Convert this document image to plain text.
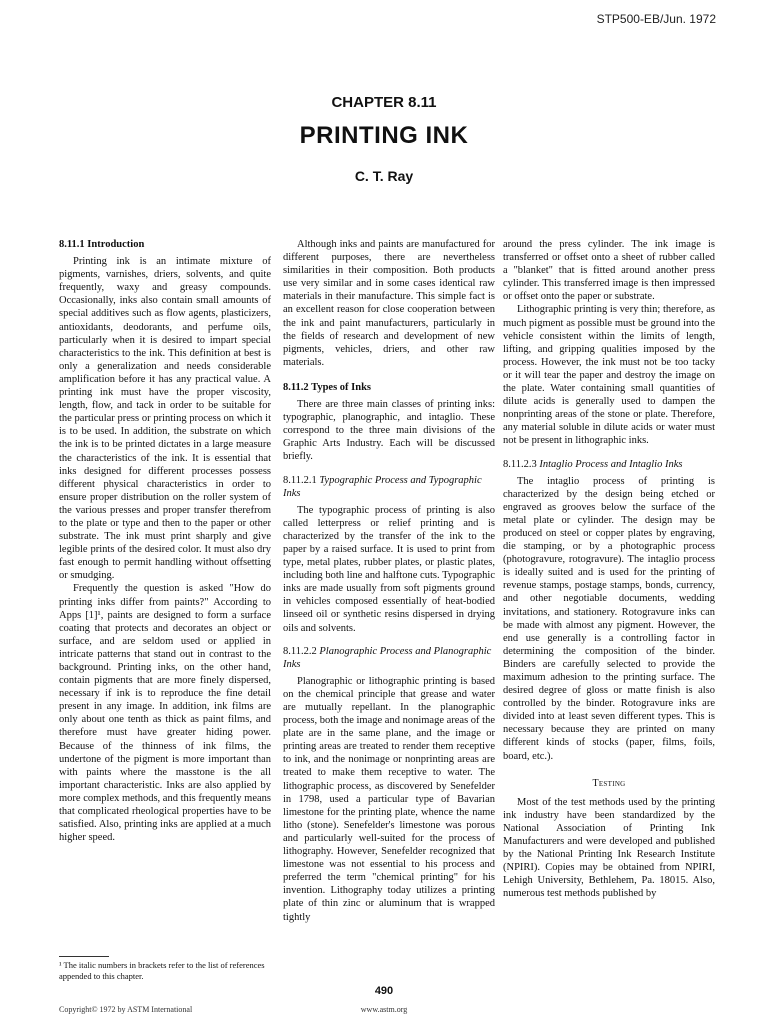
STP500-EB/Jun. 1972
CHAPTER 8.11
PRINTING INK
C. T. Ray
8.11.1 Introduction

Printing ink is an intimate mixture of pigments, varnishes, driers, solvents, and quite frequently, waxy and greasy compounds. Occasionally, inks also contain small amounts of special additives such as flow agents, plasticizers, antioxidants, deodorants, and perfume oils, particularly when it is desired to impart special characteristics to the ink. This definition at best is only a generalization and needs considerable amplification before it has any practical value. A printing ink must have the proper viscosity, length, flow, and tack in order to be suitable for the particular press or printing process on which it is to be used. In addition, the substrate on which the ink is to be printed dictates in a large measure the characteristics of the ink. It is essential that inks designed for different processes possess different physical characteristics in order to ensure proper distribution on the roller system of the various presses and proper transfer therefrom to the plate or type and then to the paper or other substrate. The ink must print sharply and give legible prints of the desired color. It must also dry fast enough to permit handling without offsetting or smudging.

Frequently the question is asked "How do printing inks differ from paints?" According to Apps [1]¹, paints are designed to form a surface coating that protects and decorates an object or surface, and are seldom used or applied in intricate patterns that stand out in contrast to the background. Printing inks, on the other hand, contain pigments that are more finely dispersed, necessary if ink is to reproduce the fine detail present in any image. In addition, ink films are only about one tenth as thick as paint films, and therefore must have greater hiding power. Because of the thinness of ink films, the undertone of the pigment is more important than with paints where the masstone is the all important characteristic. Inks are also applied by more complex methods, and this frequently means that complicated rheological properties have to be satisfied. Also, printing inks are applied at a much higher speed.

Although inks and paints are manufactured for different purposes, there are nevertheless similarities in their composition. Both products use very similar and in some cases identical raw materials in their manufacture. This simple fact is an excellent reason for close cooperation between the ink and paint manufacturers, particularly in the fields of research and development of new pigments, vehicles, driers, and other raw materials.

8.11.2 Types of Inks

There are three main classes of printing inks: typographic, planographic, and intaglio. These correspond to the three main divisions of the Graphic Arts Industry. Each will be discussed briefly.

8.11.2.1 Typographic Process and Typographic Inks

The typographic process of printing is also called letterpress or relief printing and is characterized by the transfer of the ink to the paper by a raised surface. It is used to print from type, metal plates, rubber plates, or plastic plates, including both line and halftone cuts. Typographic inks are made usually from soft pigments ground in vehicles composed essentially of heat-bodied linseed oil or synthetic resins dispersed in drying oils and solvents.

8.11.2.2 Planographic Process and Planographic Inks

Planographic or lithographic printing is based on the chemical principle that grease and water are mutually repellant. In the planographic process, both the image and nonimage areas of the plate are in the same plane, and the image or printing areas are treated to render them receptive to ink, and the nonimage or nonprinting areas are treated to make them receptive to water. The lithographic process, as discovered by Senefelder in 1798, used a particular type of Bavarian limestone for the printing plate, whence the name litho (stone). Senefelder's limestone was porous and particularly well-suited for the process of lithography. However, Senefelder recognized that limestone was not essential to his process and preferred the term "chemical printing" for his invention. Lithography today utilizes a printing plate of thin zinc or aluminum that is wrapped tightly

around the press cylinder. The ink image is transferred or offset onto a sheet of rubber called a "blanket" that is fitted around another press cylinder. This transferred image is then impressed or offset onto the paper or substrate.

Lithographic printing is very thin; therefore, as much pigment as possible must be ground into the vehicle consistent within the limits of length, lifting, and gripping qualities imposed by the process. However, the ink must not be too tacky or it will tear the paper and destroy the image on the plate. Water containing small quantities of dilute acids is generally used to dampen the nonprinting areas of the stone or plate. Therefore, any material soluble in dilute acids or water must not be present in lithographic inks.

8.11.2.3 Intaglio Process and Intaglio Inks

The intaglio process of printing is characterized by the design being etched or engraved as grooves below the surface of the metal plate or cylinder. The design may be produced on steel or copper plates by engraving, die stamping, or by a photographic process (photogravure, rotogravure). The intaglio process is ideally suited and is used for the printing of revenue stamps, postage stamps, bonds, currency, and other negotiable documents, wedding invitations, and stationery. Rotogravure inks can be made with almost any pigment. However, the end use generally is a controlling factor in determining the composition of the binder. Binders are carefully selected to provide the maximum adhesion to the printing surface. The desired degree of gloss or matte finish is also controlled by the binder. Rotogravure inks are divided into at least seven different types. This is necessary because they are printed on many different kinds of stocks (paper, films, foils, board, etc.).

Testing

Most of the test methods used by the printing ink industry have been standardized by the National Association of Printing Ink Manufacturers and were developed and published by the National Printing Ink Research Institute (NPIRI). Copies may be obtained from NPIRI, Lehigh University, Bethlehem, Pa. 18015. Also, numerous test methods published by

¹ The italic numbers in brackets refer to the list of references appended to this chapter.
490
Copyright© 1972 by ASTM International	www.astm.org
